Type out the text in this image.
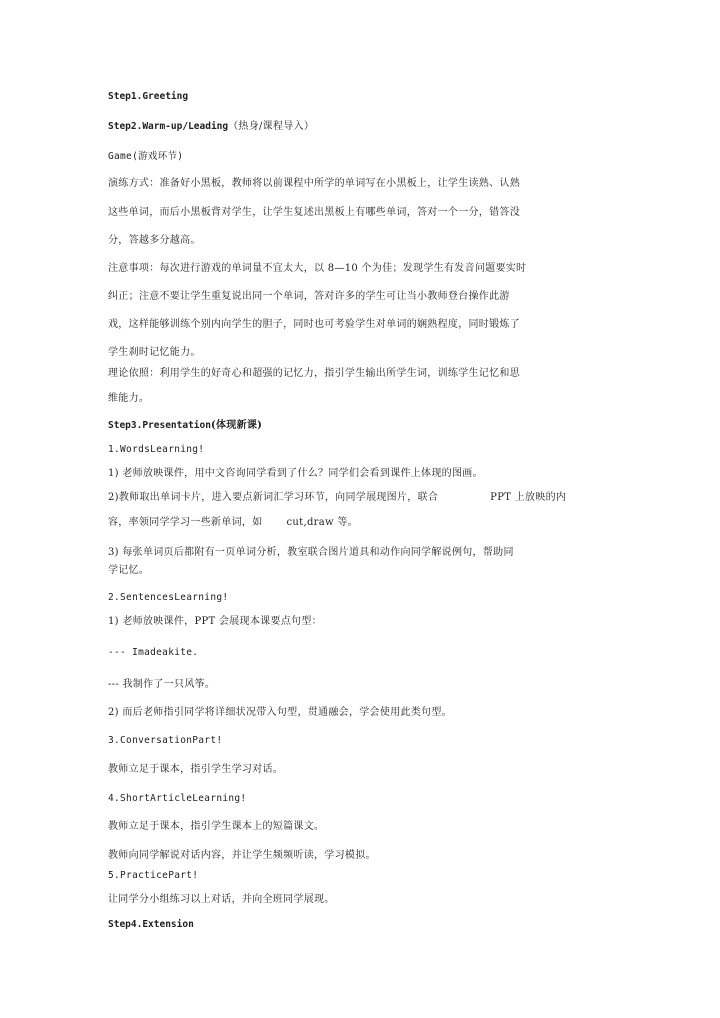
Step1.Greeting
Step2.Warm-up/Leading（热身/课程导入）
Game(游戏环节)
演练方式：准备好小黑板，教师将以前课程中所学的单词写在小黑板上，让学生读熟、认熟
这些单词，而后小黑板背对学生，让学生复述出黑板上有哪些单词，答对一个一分，错答没
分，答越多分越高。
注意事项：每次进行游戏的单词量不宜太大，以 8—10 个为佳；发现学生有发音问题要实时
纠正；注意不要让学生重复说出同一个单词，答对许多的学生可让当小教师登台操作此游
戏，这样能够训练个别内向学生的胆子，同时也可考验学生对单词的娴熟程度，同时锻炼了
学生刹时记忆能力。
理论依照：利用学生的好奇心和超强的记忆力，指引学生输出所学生词，训练学生记忆和思
维能力。
Step3.Presentation(体现新课)
1.WordsLearning!
1) 老师放映课件，用中文咨询同学看到了什么？同学们会看到课件上体现的图画。
2)教师取出单词卡片，进入要点新词汇学习环节，向同学展现图片，联合	PPT 上放映的内
容，率领同学学习一些新单词，如 cut,draw 等。
3) 每张单词页后都附有一页单词分析，教室联合图片道具和动作向同学解说例句，帮助同
学记忆。
2.SentencesLearning!
1) 老师放映课件，PPT 会展现本课要点句型：
--- Imadeakite.
--- 我制作了一只风筝。
2) 而后老师指引同学将详细状况带入句型，贯通融会，学会使用此类句型。
3.ConversationPart!
教师立足于课本，指引学生学习对话。
4.ShortArticleLearning!
教师立足于课本，指引学生课本上的短篇课文。
教师向同学解说对话内容，并让学生频频听读，学习模拟。
5.PracticePart!
让同学分小组练习以上对话，并向全班同学展现。
Step4.Extension
